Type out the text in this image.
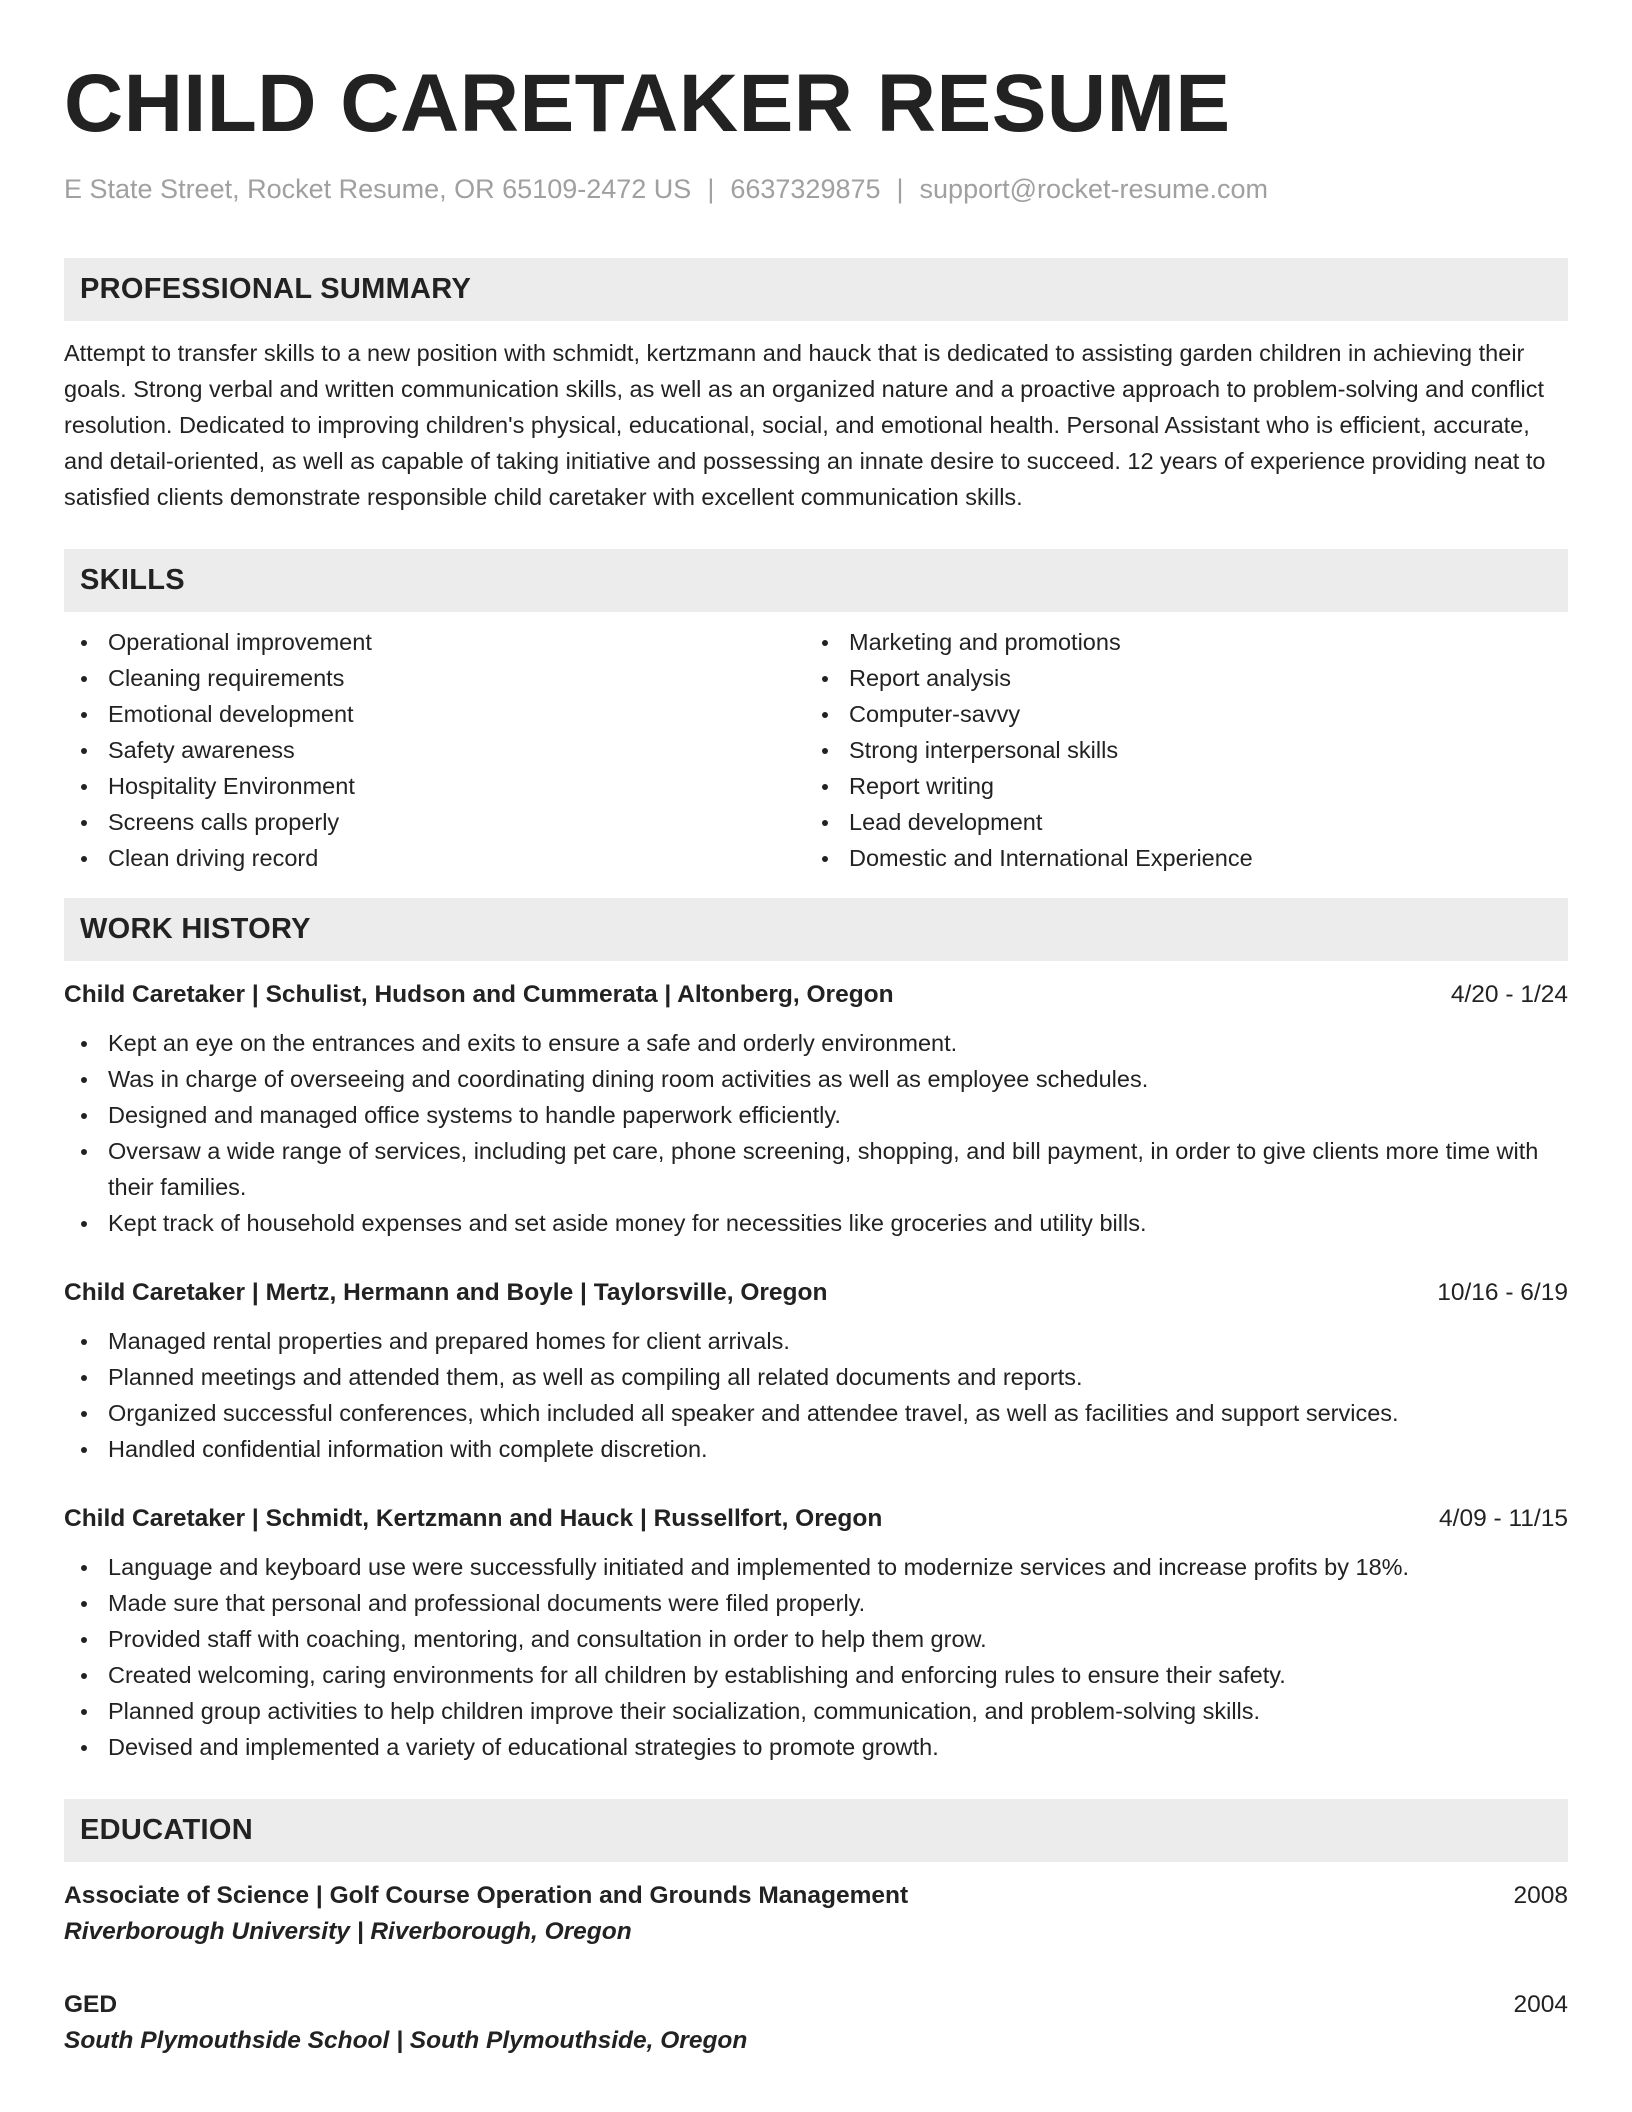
CHILD CARETAKER RESUME
E State Street, Rocket Resume, OR 65109-2472 US | 6637329875 | support@rocket-resume.com
PROFESSIONAL SUMMARY
Attempt to transfer skills to a new position with schmidt, kertzmann and hauck that is dedicated to assisting garden children in achieving their goals. Strong verbal and written communication skills, as well as an organized nature and a proactive approach to problem-solving and conflict resolution. Dedicated to improving children's physical, educational, social, and emotional health. Personal Assistant who is efficient, accurate, and detail-oriented, as well as capable of taking initiative and possessing an innate desire to succeed. 12 years of experience providing neat to satisfied clients demonstrate responsible child caretaker with excellent communication skills.
SKILLS
Operational improvement
Cleaning requirements
Emotional development
Safety awareness
Hospitality Environment
Screens calls properly
Clean driving record
Marketing and promotions
Report analysis
Computer-savvy
Strong interpersonal skills
Report writing
Lead development
Domestic and International Experience
WORK HISTORY
Child Caretaker | Schulist, Hudson and Cummerata | Altonberg, Oregon	4/20 - 1/24
Kept an eye on the entrances and exits to ensure a safe and orderly environment.
Was in charge of overseeing and coordinating dining room activities as well as employee schedules.
Designed and managed office systems to handle paperwork efficiently.
Oversaw a wide range of services, including pet care, phone screening, shopping, and bill payment, in order to give clients more time with their families.
Kept track of household expenses and set aside money for necessities like groceries and utility bills.
Child Caretaker | Mertz, Hermann and Boyle | Taylorsville, Oregon	10/16 - 6/19
Managed rental properties and prepared homes for client arrivals.
Planned meetings and attended them, as well as compiling all related documents and reports.
Organized successful conferences, which included all speaker and attendee travel, as well as facilities and support services.
Handled confidential information with complete discretion.
Child Caretaker | Schmidt, Kertzmann and Hauck | Russellfort, Oregon	4/09 - 11/15
Language and keyboard use were successfully initiated and implemented to modernize services and increase profits by 18%.
Made sure that personal and professional documents were filed properly.
Provided staff with coaching, mentoring, and consultation in order to help them grow.
Created welcoming, caring environments for all children by establishing and enforcing rules to ensure their safety.
Planned group activities to help children improve their socialization, communication, and problem-solving skills.
Devised and implemented a variety of educational strategies to promote growth.
EDUCATION
Associate of Science | Golf Course Operation and Grounds Management	2008
Riverborough University | Riverborough, Oregon
GED	2004
South Plymouthside School | South Plymouthside, Oregon
